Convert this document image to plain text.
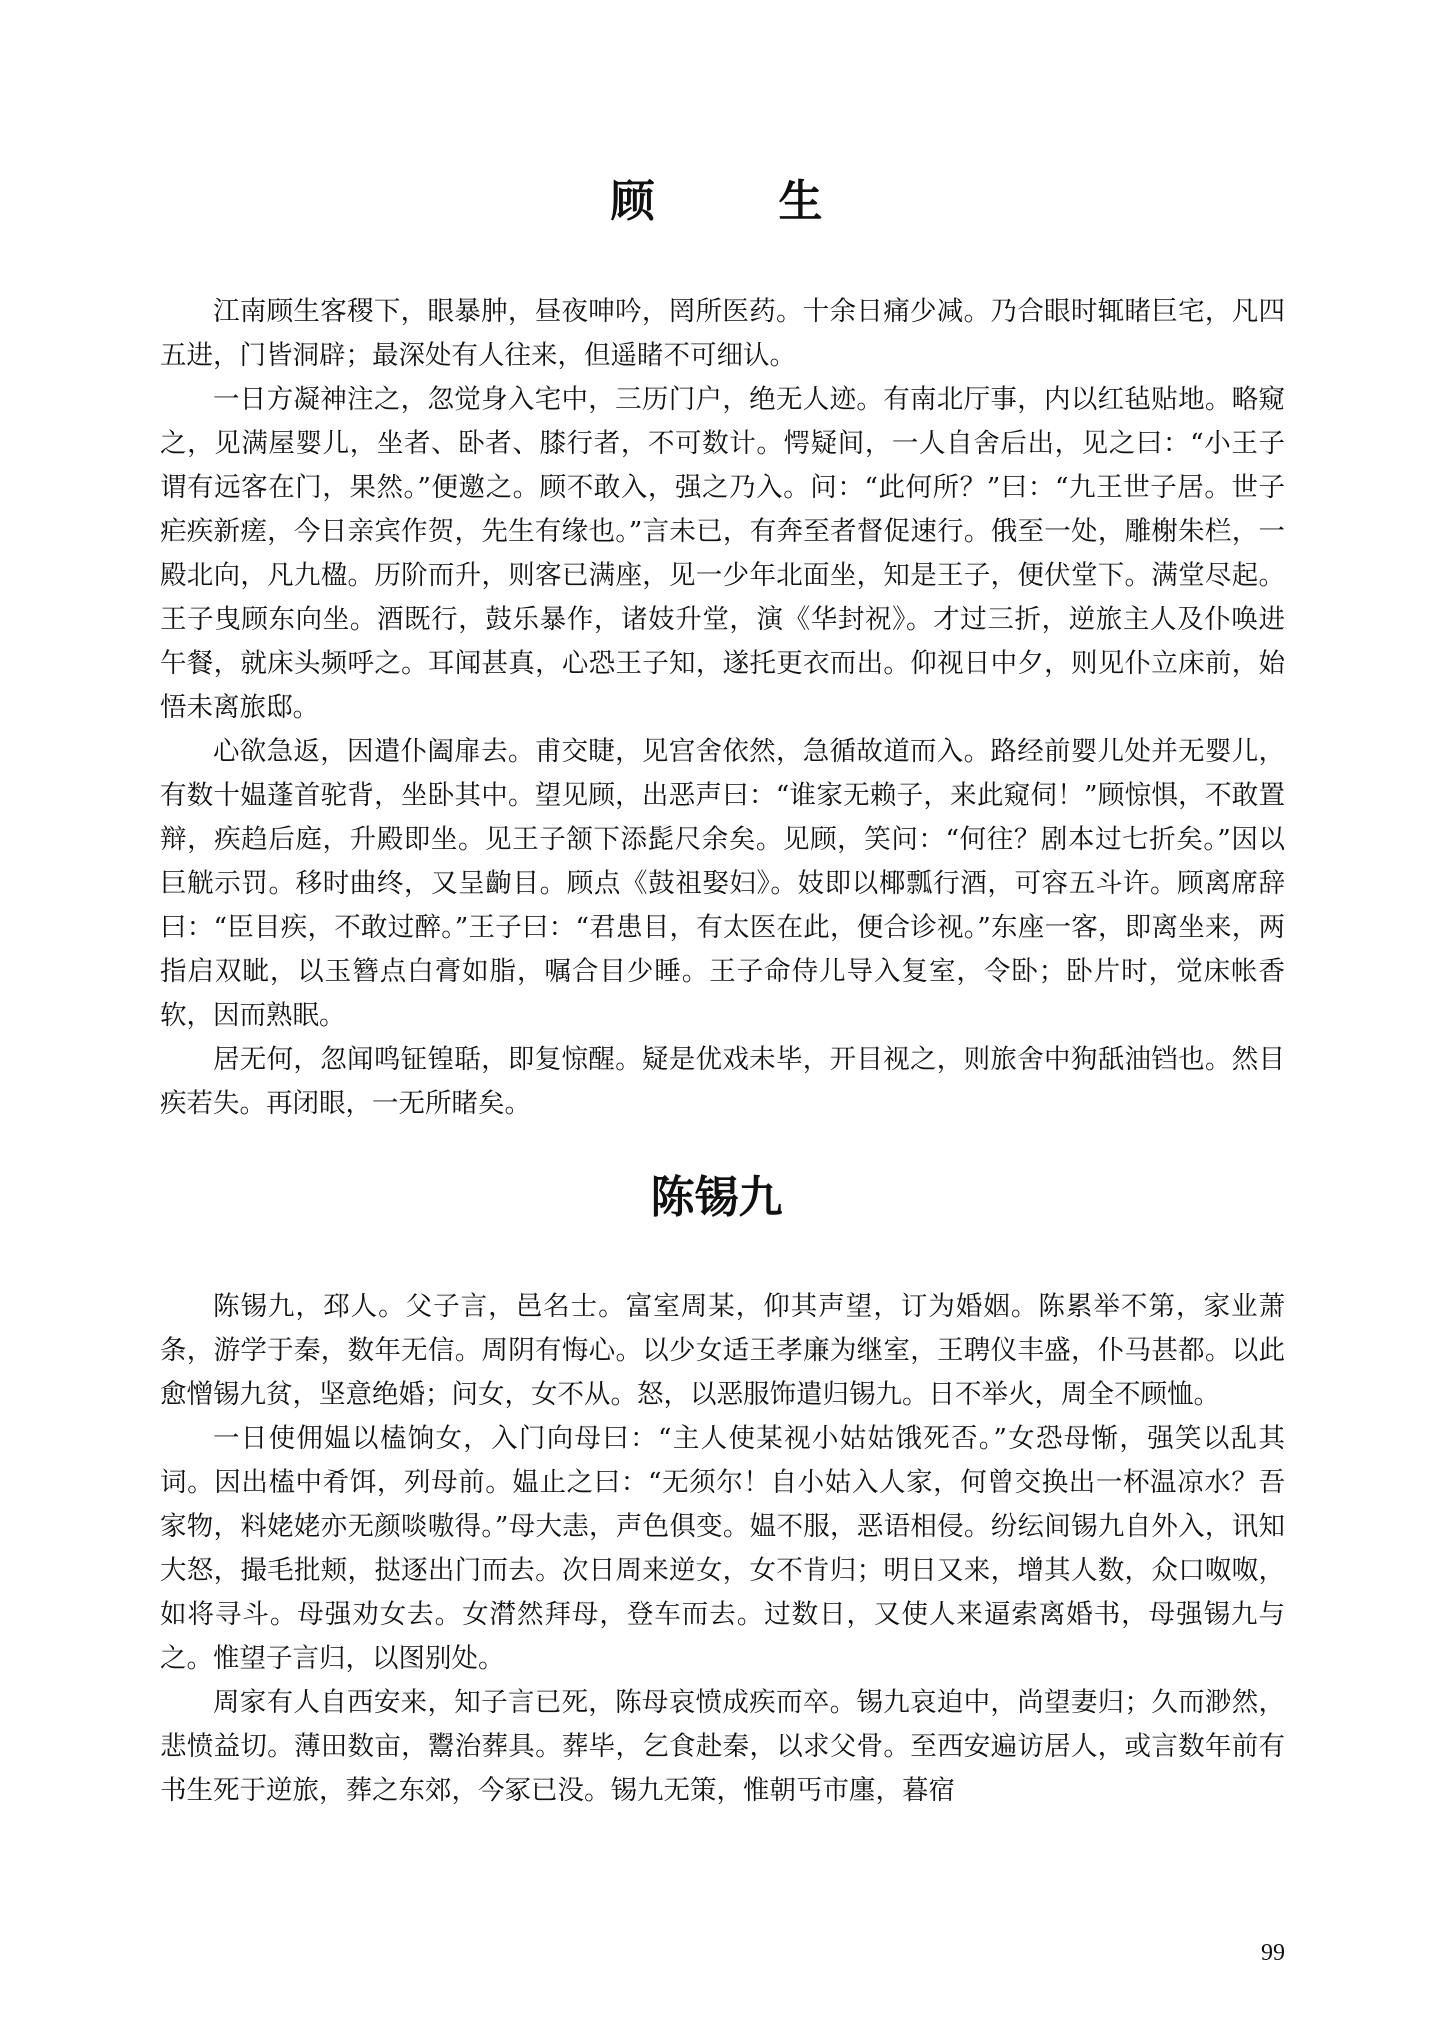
顾　生

江南顾生客稷下，眼暴肿，昼夜呻吟，罔所医药。十余日痛少减。乃合眼时辄睹巨宅，凡四五进，门皆洞辟；最深处有人往来，但遥睹不可细认。

一日方凝神注之，忽觉身入宅中，三历门户，绝无人迹。有南北厅事，内以红毡贴地。略窥之，见满屋婴儿，坐者、卧者、膝行者，不可数计。愕疑间，一人自舍后出，见之曰：“小王子谓有远客在门，果然。”便邀之。顾不敢入，强之乃入。问：“此何所？”曰：“九王世子居。世子疟疾新瘥，今日亲宾作贺，先生有缘也。”言未已，有奔至者督促速行。俄至一处，雕榭朱栏，一殿北向，凡九楹。历阶而升，则客已满座，见一少年北面坐，知是王子，便伏堂下。满堂尽起。王子曳顾东向坐。酒既行，鼓乐暴作，诸妓升堂，演《华封祝》。才过三折，逆旅主人及仆唤进午餐，就床头频呼之。耳闻甚真，心恐王子知，遂托更衣而出。仰视日中夕，则见仆立床前，始悟未离旅邸。

心欲急返，因遣仆阖扉去。甫交睫，见宫舍依然，急循故道而入。路经前婴儿处并无婴儿，有数十媪蓬首驼背，坐卧其中。望见顾，出恶声曰：“谁家无赖子，来此窥伺！”顾惊惧，不敢置辩，疾趋后庭，升殿即坐。见王子颔下添髭尺余矣。见顾，笑问：“何往？剧本过七折矣。”因以巨觥示罚。移时曲终，又呈齣目。顾点《鼓祖娶妇》。妓即以椰瓢行酒，可容五斗许。顾离席辞曰：“臣目疾，不敢过醉。”王子曰：“君患目，有太医在此，便合诊视。”东座一客，即离坐来，两指启双眦，以玉簪点白膏如脂，嘱合目少睡。王子命侍儿导入复室，令卧；卧片时，觉床帐香软，因而熟眠。

居无何，忽闻鸣钲锽聒，即复惊醒。疑是优戏未毕，开目视之，则旅舍中狗舐油铛也。然目疾若失。再闭眼，一无所睹矣。

陈锡九

陈锡九，邳人。父子言，邑名士。富室周某，仰其声望，订为婚姻。陈累举不第，家业萧条，游学于秦，数年无信。周阴有悔心。以少女适王孝廉为继室，王聘仪丰盛，仆马甚都。以此愈憎锡九贫，坚意绝婚；问女，女不从。怒，以恶服饰遣归锡九。日不举火，周全不顾恤。

一日使佣媪以榼饷女，入门向母曰：“主人使某视小姑姑饿死否。”女恐母惭，强笑以乱其词。因出榼中肴饵，列母前。媪止之曰：“无须尔！自小姑入人家，何曾交换出一杯温凉水？吾家物，料姥姥亦无颜啖嗷得。”母大恚，声色俱变。媪不服，恶语相侵。纷纭间锡九自外入，讯知大怒，撮毛批颊，挞逐出门而去。次日周来逆女，女不肯归；明日又来，增其人数，众口呶呶，如将寻斗。母强劝女去。女潸然拜母，登车而去。过数日，又使人来逼索离婚书，母强锡九与之。惟望子言归，以图别处。

周家有人自西安来，知子言已死，陈母哀愤成疾而卒。锡九哀迫中，尚望妻归；久而渺然，悲愤益切。薄田数亩，鬻治葬具。葬毕，乞食赴秦，以求父骨。至西安遍访居人，或言数年前有书生死于逆旅，葬之东郊，今冢已没。锡九无策，惟朝丐市廛，暮宿

99
